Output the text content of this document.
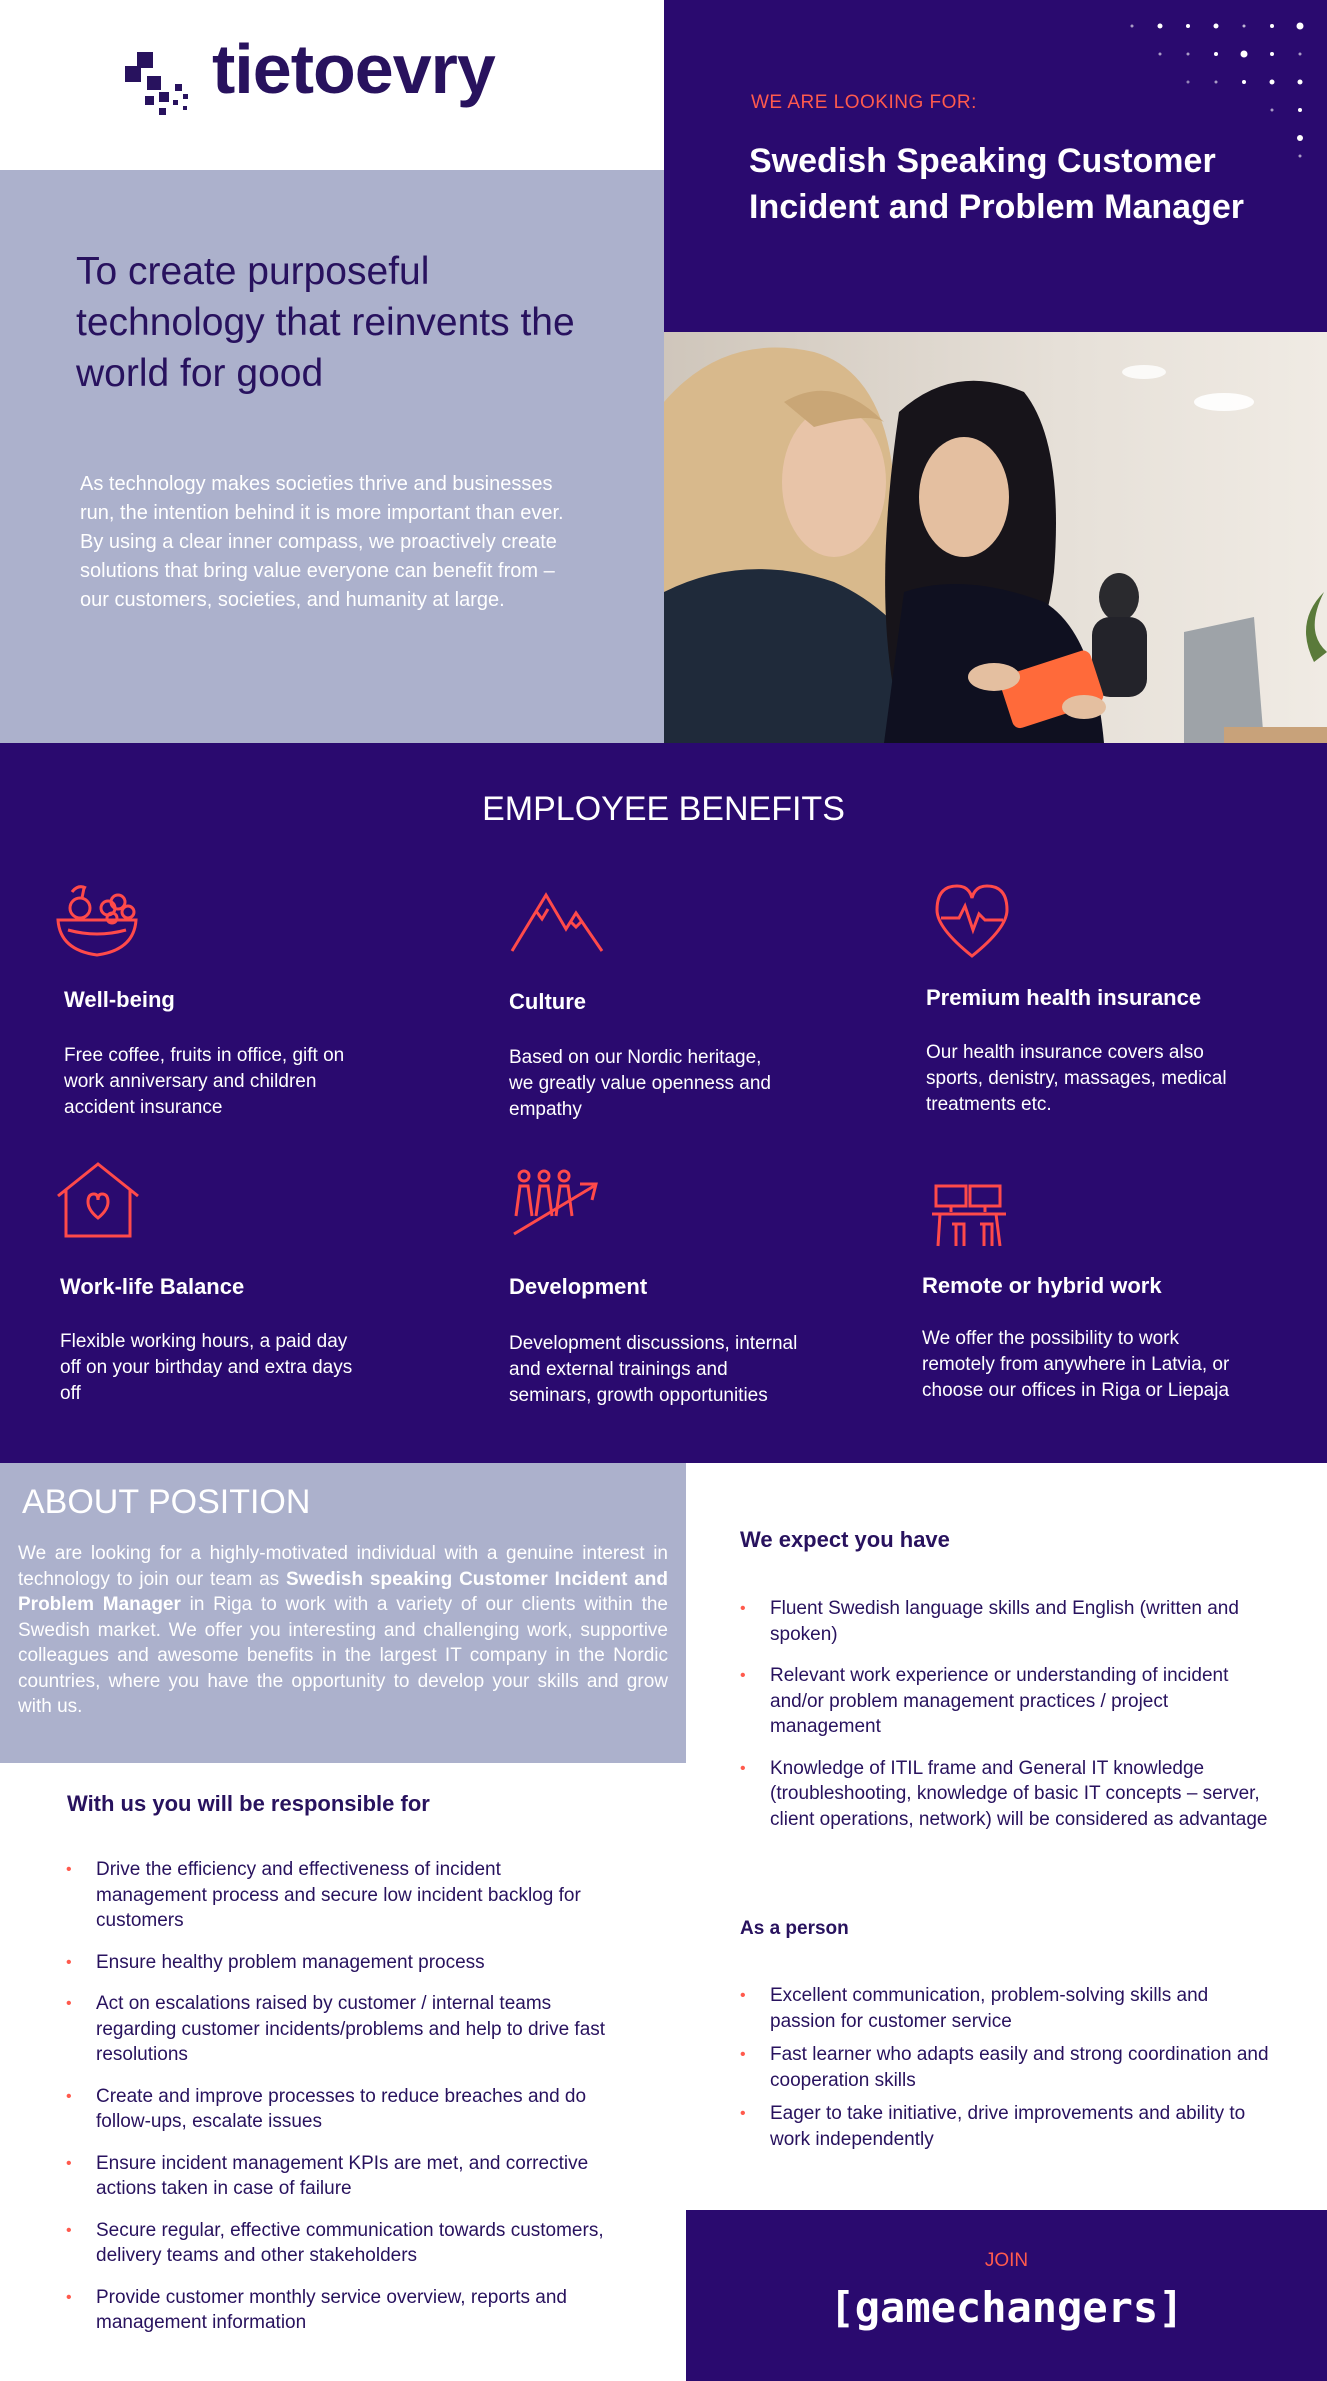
tietoevry	WE ARE LOOKING FOR:
Swedish Speaking Customer Incident and Problem Manager
To create purposeful technology that reinvents the world for good
As technology makes societies thrive and businesses run, the intention behind it is more important than ever. By using a clear inner compass, we proactively create solutions that bring value everyone can benefit from – our customers, societies, and humanity at large.
EMPLOYEE BENEFITS
Well-being
Free coffee, fruits in office, gift on work anniversary and children accident insurance
Culture
Based on our Nordic heritage, we greatly value openness and empathy
Premium health insurance
Our health insurance covers also sports, denistry, massages, medical treatments etc.
Work-life Balance
Flexible working hours, a paid day off on your birthday and extra days off
Development
Development discussions, internal and external trainings and seminars, growth opportunities
Remote or hybrid work
We offer the possibility to work remotely from anywhere in Latvia, or choose our offices in Riga or Liepaja
ABOUT POSITION
We are looking for a highly-motivated individual with a genuine interest in technology to join our team as Swedish speaking Customer Incident and Problem Manager in Riga to work with a variety of our clients within the Swedish market. We offer you interesting and challenging work, supportive colleagues and awesome benefits in the largest IT company in the Nordic countries, where you have the opportunity to develop your skills and grow with us.
With us you will be responsible for
• Drive the efficiency and effectiveness of incident management process and secure low incident backlog for customers
• Ensure healthy problem management process
• Act on escalations raised by customer / internal teams regarding customer incidents/problems and help to drive fast resolutions
• Create and improve processes to reduce breaches and do follow-ups, escalate issues
• Ensure incident management KPIs are met, and corrective actions taken in case of failure
• Secure regular, effective communication towards customers, delivery teams and other stakeholders
• Provide customer monthly service overview, reports and management information
We expect you have
• Fluent Swedish language skills and English (written and spoken)
• Relevant work experience or understanding of incident and/or problem management practices / project management
• Knowledge of ITIL frame and General IT knowledge (troubleshooting, knowledge of basic IT concepts – server, client operations, network) will be considered as advantage
As a person
• Excellent communication, problem-solving skills and passion for customer service
• Fast learner who adapts easily and strong coordination and cooperation skills
• Eager to take initiative, drive improvements and ability to work independently
JOIN
[gamechangers]
